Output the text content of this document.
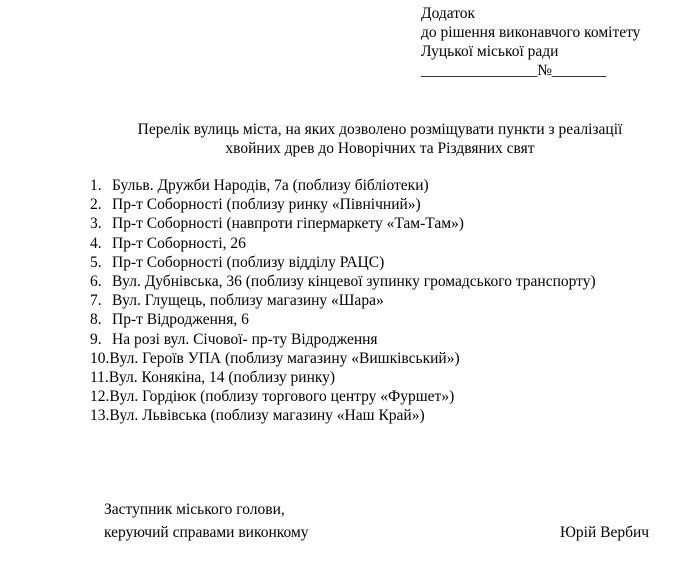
Додаток
до рішення виконавчого комітету
Луцької міської ради
_______________№_______
Перелік вулиць міста, на яких дозволено розміщувати пункти з реалізації
хвойних древ до Новорічних та Різдвяних свят
1. Бульв. Дружби Народів, 7а (поблизу бібліотеки)
2. Пр-т Соборності (поблизу ринку «Північний»)
3. Пр-т Соборності (навпроти гіпермаркету «Там-Там»)
4. Пр-т Соборності, 26
5. Пр-т Соборності (поблизу відділу РАЦС)
6. Вул. Дубнівська, 36 (поблизу кінцевої зупинку громадського транспорту)
7. Вул. Глущець, поблизу магазину «Шара»
8. Пр-т Відродження, 6
9. На розі вул. Січової- пр-ту Відродження
10.Вул. Героїв УПА (поблизу магазину «Вишківський»)
11.Вул. Конякіна, 14 (поблизу ринку)
12.Вул. Гордіюк (поблизу торгового центру «Фуршет»)
13.Вул. Львівська (поблизу магазину «Наш Край»)
Заступник міського голови,
керуючий справами виконкому	Юрій Вербич
